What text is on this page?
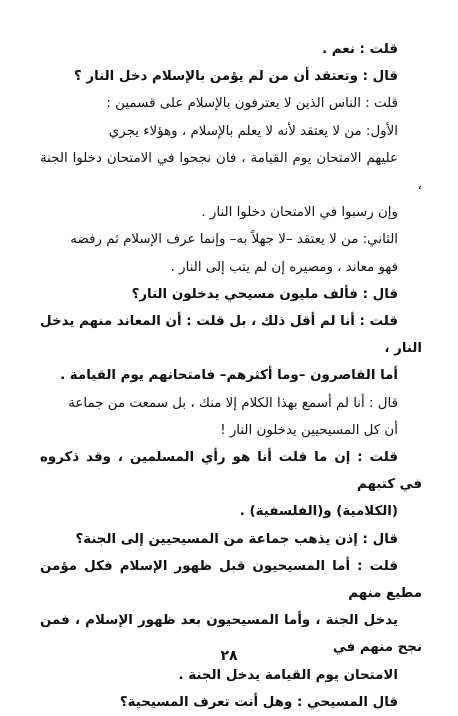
قلت : نعم .

قال : وتعتقد أن من لم يؤمن بالإسلام دخل النار ؟

قلت : الناس الذين لا يعترفون بالإسلام على قسمين :

الأول: من لا يعتقد لأنه لا يعلم بالإسلام ، وهؤلاء يجري
عليهم الامتحان يوم القيامة ، فان نجحوا في الامتحان دخلوا الجنة ،
وإن رسبوا في الامتحان دخلوا النار .

الثاني: من لا يعتقد –لا جهلاً به– وإنما عرف الإسلام ثم رفضه
فهو معاند ، ومصيره إن لم يتب إلى النار .

قال : فألف مليون مسيحي يدخلون النار؟

قلت : أنا لم أقل ذلك ، بل قلت : أن المعاند منهم يدخل النار ،
أما القاصرون –وما أكثرهم– فامتحانهم يوم القيامة .

قال : أنا لم أسمع بهذا الكلام إلا منك ، بل سمعت من جماعة
أن كل المسيحيين يدخلون النار !

قلت : إن ما قلت أنا هو رأي المسلمين ، وقد ذكروه في كتبهم
(الكلامية) و(الفلسفية) .

قال : إذن يذهب جماعة من المسيحيين إلى الجنة؟

قلت : أما المسيحيون قبل ظهور الإسلام فكل مؤمن مطيع منهم
يدخل الجنة ، وأما المسيحيون بعد ظهور الإسلام ، فمن نجح منهم في
الامتحان يوم القيامة يدخل الجنة .

قال المسيحي : وهل أنت تعرف المسيحية؟

٢٨
